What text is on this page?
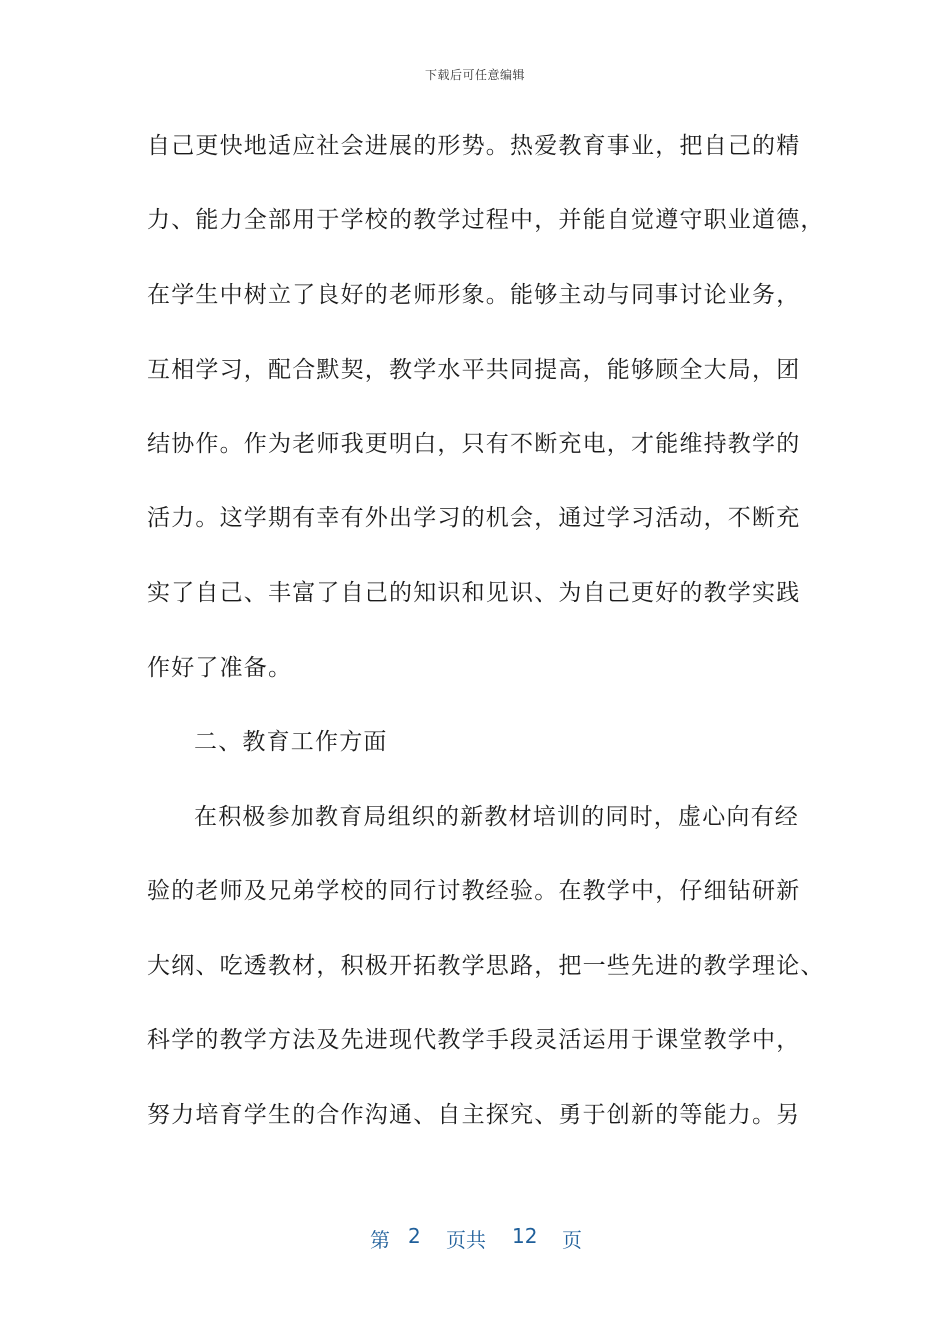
下载后可任意编辑
自己更快地适应社会进展的形势。热爱教育事业，把自己的精
力、能力全部用于学校的教学过程中，并能自觉遵守职业道德，
在学生中树立了良好的老师形象。能够主动与同事讨论业务，
互相学习，配合默契，教学水平共同提高，能够顾全大局，团
结协作。作为老师我更明白，只有不断充电，才能维持教学的
活力。这学期有幸有外出学习的机会，通过学习活动，不断充
实了自己、丰富了自己的知识和见识、为自己更好的教学实践
作好了准备。
二、教育工作方面
在积极参加教育局组织的新教材培训的同时，虚心向有经
验的老师及兄弟学校的同行讨教经验。在教学中，仔细钻研新
大纲、吃透教材，积极开拓教学思路，把一些先进的教学理论、
科学的教学方法及先进现代教学手段灵活运用于课堂教学中，
努力培育学生的合作沟通、自主探究、勇于创新的等能力。另
第 2 页共 12 页
